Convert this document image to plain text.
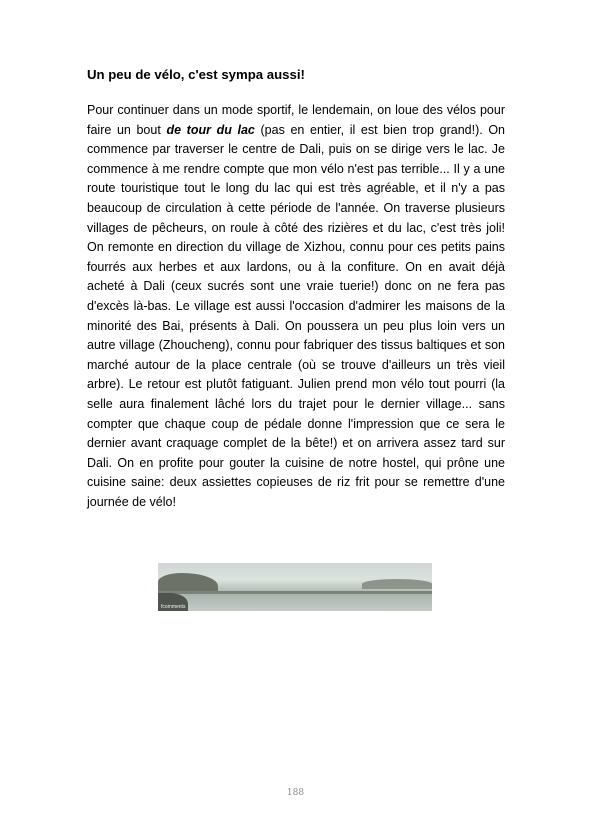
Un peu de vélo, c'est sympa aussi!
Pour continuer dans un mode sportif, le lendemain, on loue des vélos pour faire un bout de tour du lac (pas en entier, il est bien trop grand!). On commence par traverser le centre de Dali, puis on se dirige vers le lac. Je commence à me rendre compte que mon vélo n'est pas terrible... Il y a une route touristique tout le long du lac qui est très agréable, et il n'y a pas beaucoup de circulation à cette période de l'année. On traverse plusieurs villages de pêcheurs, on roule à côté des rizières et du lac, c'est très joli! On remonte en direction du village de Xizhou, connu pour ces petits pains fourrés aux herbes et aux lardons, ou à la confiture. On en avait déjà acheté à Dali (ceux sucrés sont une vraie tuerie!) donc on ne fera pas d'excès là-bas. Le village est aussi l'occasion d'admirer les maisons de la minorité des Bai, présents à Dali. On poussera un peu plus loin vers un autre village (Zhoucheng), connu pour fabriquer des tissus baltiques et son marché autour de la place centrale (où se trouve d'ailleurs un très vieil arbre). Le retour est plutôt fatiguant. Julien prend mon vélo tout pourri (la selle aura finalement lâché lors du trajet pour le dernier village... sans compter que chaque coup de pédale donne l'impression que ce sera le dernier avant craquage complet de la bête!) et on arrivera assez tard sur Dali. On en profite pour gouter la cuisine de notre hostel, qui prône une cuisine saine: deux assiettes copieuses de riz frit pour se remettre d'une journée de vélo!
fcomments
188
